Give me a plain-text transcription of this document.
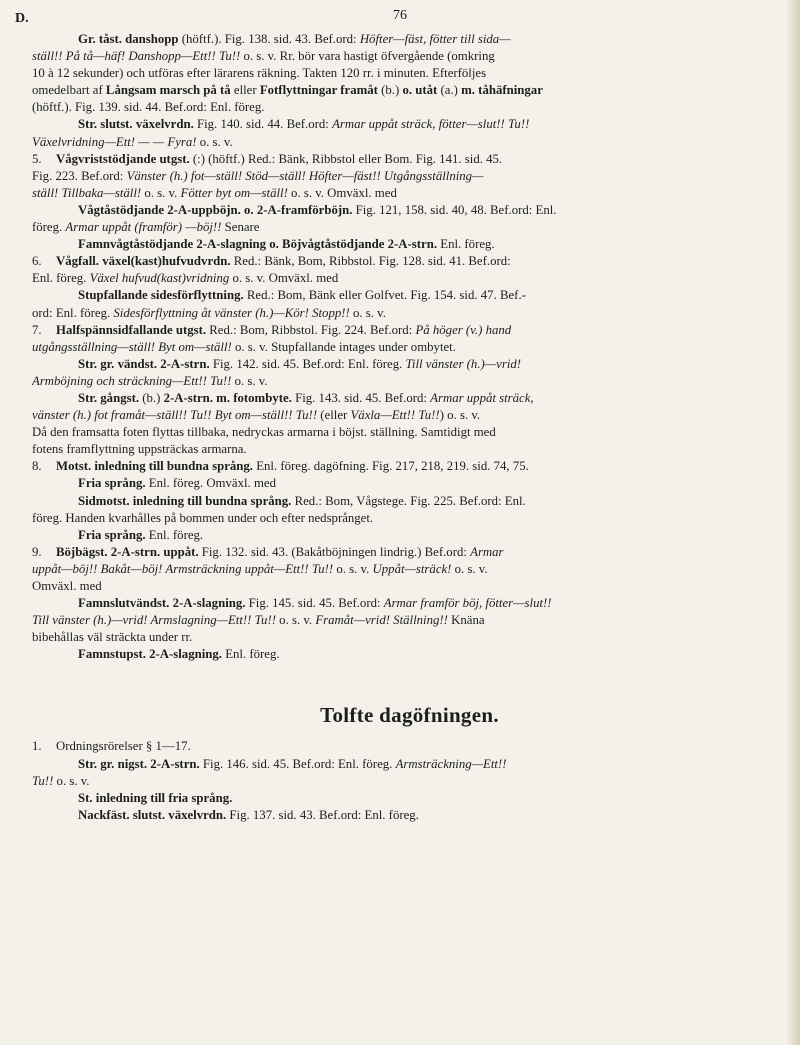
D.	76
Gr. tåst. danshopp (höftf.). Fig. 138. sid. 43. Bef.ord: Höfter—fäst, fötter till sida—
ställ!! På tå—häf! Danshopp—Ett!! Tu!! o. s. v. Rr. bör vara hastigt öfvergående (omkring
10 à 12 sekunder) och utföras efter lärarens räkning. Takten 120 rr. i minuten. Efterföljes
omedelbart af Långsam marsch på tå eller Fotflyttningar framåt (b.) o. utåt (a.) m. tåhäfningar
(höftf.). Fig. 139. sid. 44. Bef.ord: Enl. föreg.
Str. slutst. växelvrdn. Fig. 140. sid. 44. Bef.ord: Armar uppåt sträck, fötter—slut!! Tu!!
Växelvridning—Ett! — — Fyra! o. s. v.
5. Vågvriststödjande utgst. (:) (höftf.) Red.: Bänk, Ribbstol eller Bom. Fig. 141. sid. 45.
Fig. 223. Bef.ord: Vänster (h.) fot—ställ! Stöd—ställ! Höfter—fäst!! Utgångsställning—
ställ! Tillbaka—ställ! o. s. v. Fötter byt om—ställ! o. s. v. Omväxl. med
Vågtåstödjande 2-A-uppböjn. o. 2-A-framförböjn. Fig. 121, 158. sid. 40, 48. Bef.ord: Enl.
föreg. Armar uppåt (framför) —böj!! Senare
Famnvågtåstödjande 2-A-slagning o. Böjvågtåstödjande 2-A-strn. Enl. föreg.
6. Vågfall. växel(kast)hufvudvrdn. Red.: Bänk, Bom, Ribbstol. Fig. 128. sid. 41. Bef.ord:
Enl. föreg. Växel hufvud(kast)vridning o. s. v. Omväxl. med
Stupfallande sidesförflyttning. Red.: Bom, Bänk eller Golfvet. Fig. 154. sid. 47. Bef.-
ord: Enl. föreg. Sidesförflyttning åt vänster (h.)—Kör! Stopp!! o. s. v.
7. Halfspännsidfallande utgst. Red.: Bom, Ribbstol. Fig. 224. Bef.ord: På höger (v.) hand
utgångsställning—ställ! Byt om—ställ! o. s. v. Stupfallande intages under ombytet.
Str. gr. vändst. 2-A-strn. Fig. 142. sid. 45. Bef.ord: Enl. föreg. Till vänster (h.)—vrid!
Armböjning och sträckning—Ett!! Tu!! o. s. v.
Str. gångst. (b.) 2-A-strn. m. fotombyte. Fig. 143. sid. 45. Bef.ord: Armar uppåt sträck,
vänster (h.) fot framåt—ställ!! Tu!! Byt om—ställ!! Tu!! (eller Växla—Ett!! Tu!!) o. s. v.
Då den framsatta foten flyttas tillbaka, nedryckas armarna i böjst. ställning. Samtidigt med
fotens framflyttning uppsträckas armarna.
8. Motst. inledning till bundna språng. Enl. föreg. dagöfning. Fig. 217, 218, 219. sid. 74, 75.
Fria språng. Enl. föreg. Omväxl. med
Sidmotst. inledning till bundna språng. Red.: Bom, Vågstege. Fig. 225. Bef.ord: Enl.
föreg. Handen kvarhålles på bommen under och efter nedsprånget.
Fria språng. Enl. föreg.
9. Böjbägst. 2-A-strn. uppåt. Fig. 132. sid. 43. (Bakåtböjningen lindrig.) Bef.ord: Armar
uppåt—böj!! Bakåt—böj! Armsträckning uppåt—Ett!! Tu!! o. s. v. Uppåt—sträck! o. s. v.
Omväxl. med
Famnslutvändst. 2-A-slagning. Fig. 145. sid. 45. Bef.ord: Armar framför böj, fötter—slut!!
Till vänster (h.)—vrid! Armslagning—Ett!! Tu!! o. s. v. Framåt—vrid! Ställning!! Knäna
bibehållas väl sträckta under rr.
Famnstupst. 2-A-slagning. Enl. föreg.
Tolfte dagöfningen.
1. Ordningsrörelser § 1—17.
Str. gr. nigst. 2-A-strn. Fig. 146. sid. 45. Bef.ord: Enl. föreg. Armsträckning—Ett!!
Tu!! o. s. v.
St. inledning till fria språng.
Nackfäst. slutst. växelvrdn. Fig. 137. sid. 43. Bef.ord: Enl. föreg.
